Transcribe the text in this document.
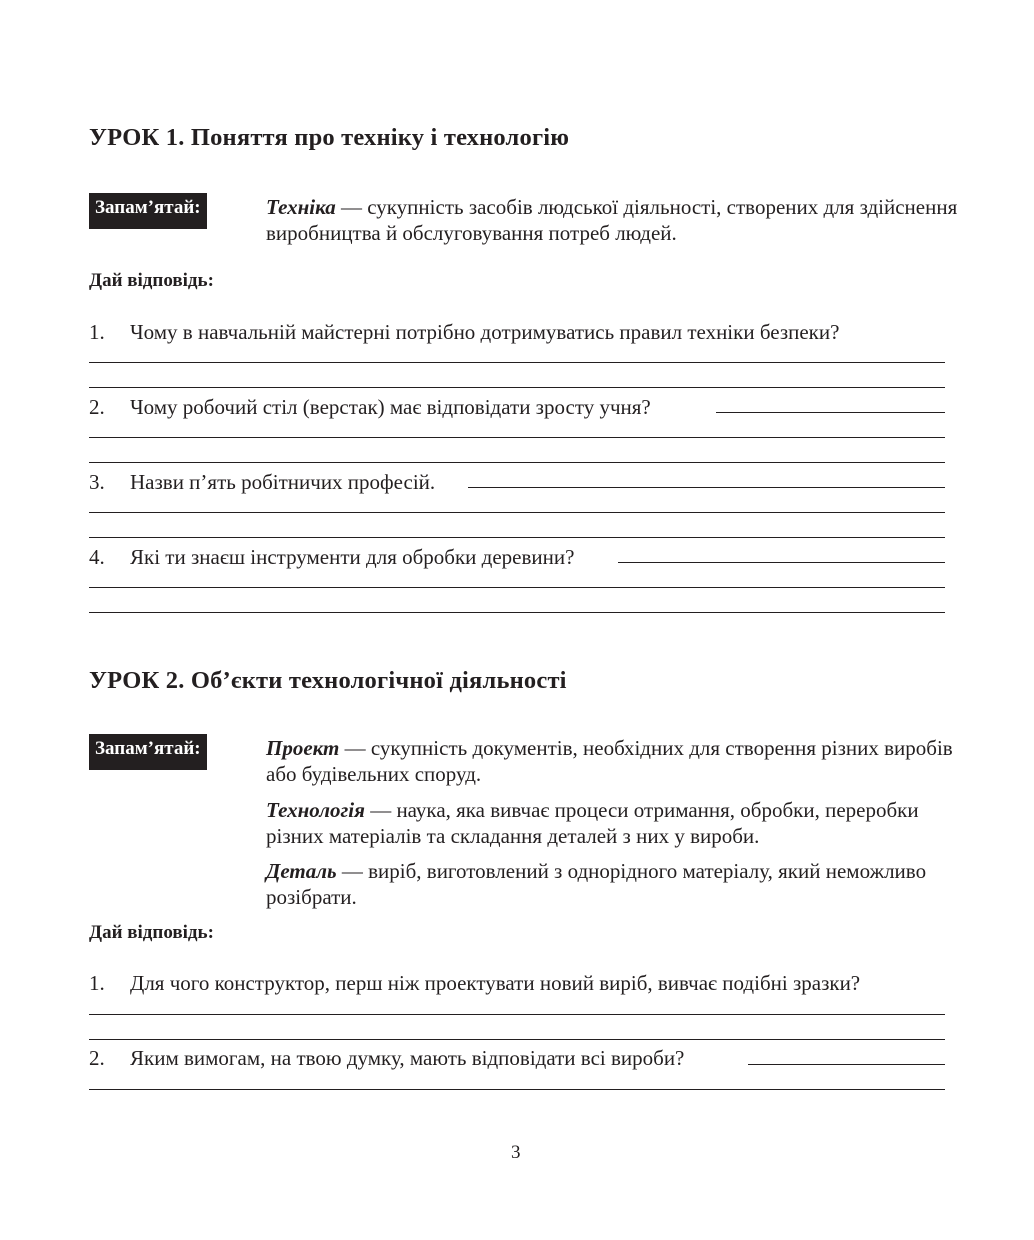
УРОК 1. Поняття про техніку і технологію
Запам’ятай:	Техніка — сукупність засобів людської діяльності, створених для здійснення виробництва й обслуговування потреб людей.
Дай відповідь:
1. Чому в навчальній майстерні потрібно дотримуватись правил техніки безпеки?
2. Чому робочий стіл (верстак) має відповідати зросту учня?
3. Назви п’ять робітничих професій.
4. Які ти знаєш інструменти для обробки деревини?
УРОК 2. Об’єкти технологічної діяльності
Запам’ятай:	Проект — сукупність документів, необхідних для створення різних виробів або будівельних споруд.
Технологія — наука, яка вивчає процеси отримання, обробки, переробки різних матеріалів та складання деталей з них у вироби.
Деталь — виріб, виготовлений з однорідного матеріалу, який неможливо розібрати.
Дай відповідь:
1. Для чого конструктор, перш ніж проектувати новий виріб, вивчає подібні зразки?
2. Яким вимогам, на твою думку, мають відповідати всі вироби?
3
